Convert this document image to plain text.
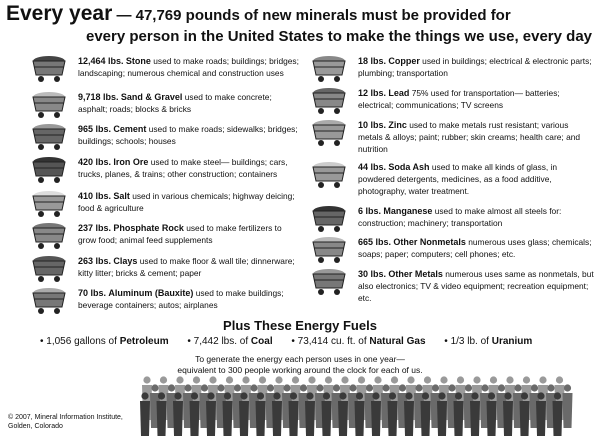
Every year — 47,769 pounds of new minerals must be provided for
every person in the United States to make the things we use, every day
12,464 lbs. Stone used to make roads; buildings; bridges; landscaping; numerous chemical and construction uses
9,718 lbs. Sand & Gravel used to make concrete; asphalt; roads; blocks & bricks
965 lbs. Cement used to make roads; sidewalks; bridges; buildings; schools; houses
420 lbs. Iron Ore used to make steel— buildings; cars, trucks, planes, & trains; other construction; containers
410 lbs. Salt used in various chemicals; highway deicing; food & agriculture
237 lbs. Phosphate Rock used to make fertilizers to grow food; animal feed supplements
263 lbs. Clays used to make floor & wall tile; dinnerware; kitty litter; bricks & cement; paper
70 lbs. Aluminum (Bauxite) used to make buildings; beverage containers; autos; airplanes
18 lbs. Copper used in buildings; electrical & electronic parts; plumbing; transportation
12 lbs. Lead 75% used for transportation— batteries; electrical; communications; TV screens
10 lbs. Zinc used to make metals rust resistant; various metals & alloys; paint; rubber; skin creams; health care; and nutrition
44 lbs. Soda Ash used to make all kinds of glass, in powdered detergents, medicines, as a food additive, photography, water treatment.
6 lbs. Manganese used to make almost all steels for: construction; machinery; transportation
665 lbs. Other Nonmetals numerous uses glass; chemicals; soaps; paper; computers; cell phones; etc.
30 lbs. Other Metals numerous uses same as nonmetals, but also electronics; TV & video equipment; recreation equipment; etc.
Plus These Energy Fuels
• 1,056 gallons of Petroleum • 7,442 lbs. of Coal • 73,414 cu. ft. of Natural Gas • 1/3 lb. of Uranium
To generate the energy each person uses in one year—
equivalent to 300 people working around the clock for each of us.
© 2007, Mineral Information Institute,
Golden, Colorado
